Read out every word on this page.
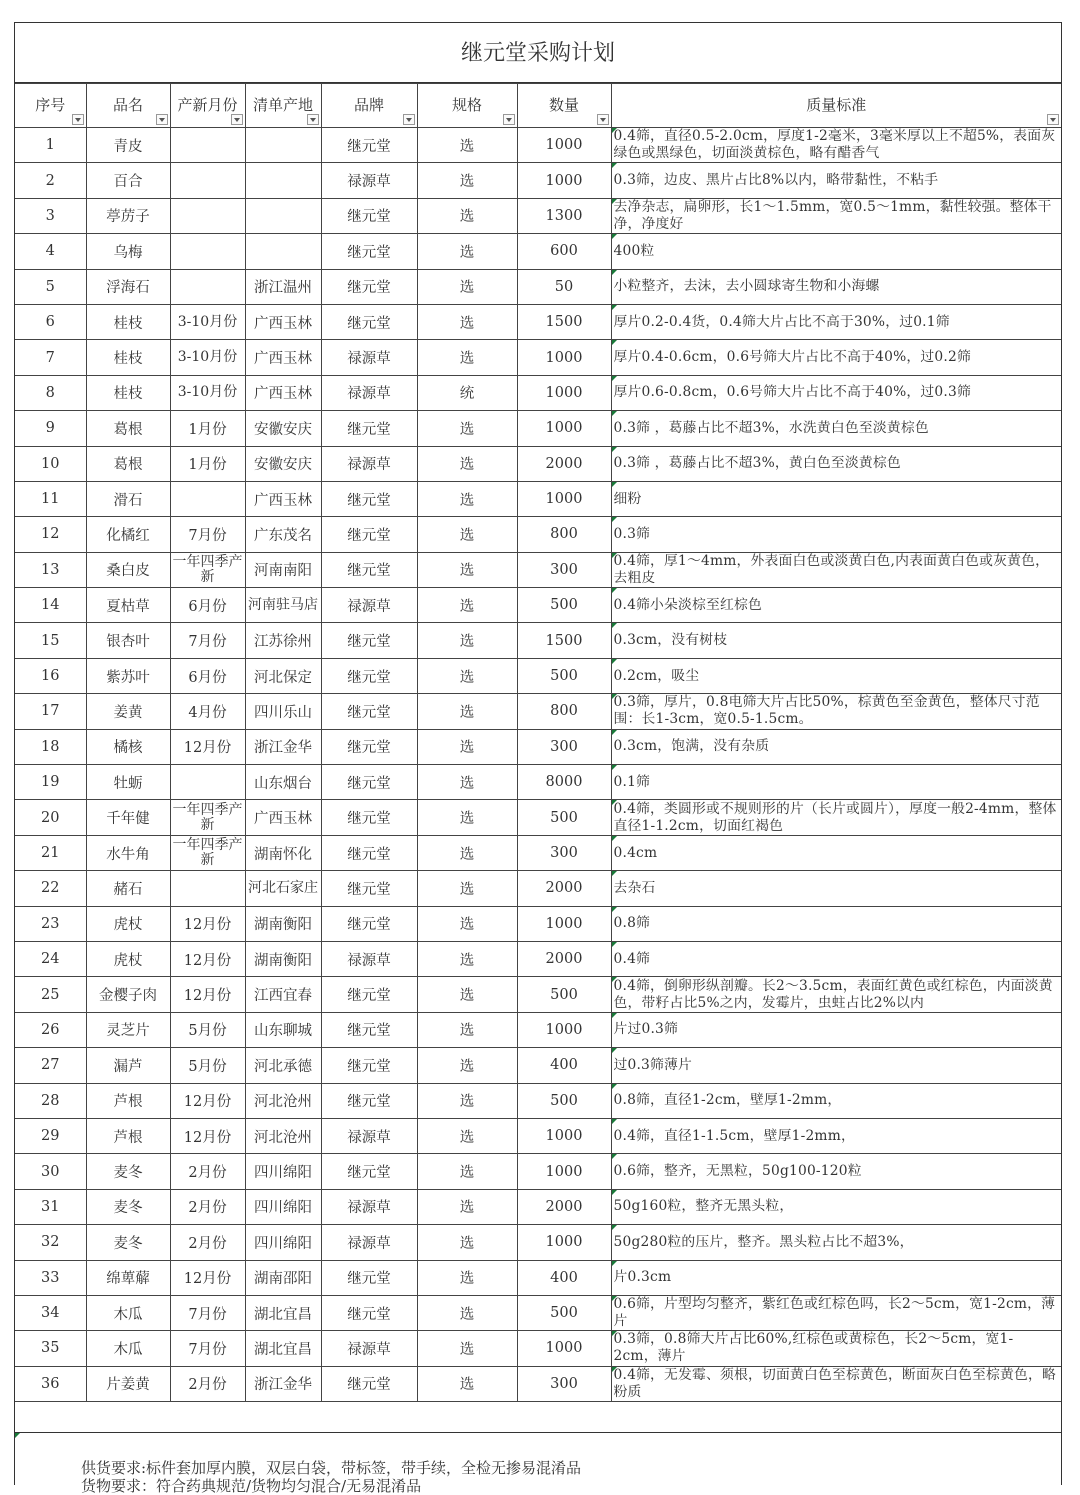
继元堂采购计划
序号	品名	产新月份	清单产地	品牌	规格	数量	质量标准

1	青皮			继元堂	选	1000	0.4筛，直径0.5-2.0cm，厚度1-2毫米，3毫米厚以上不超5%，表面灰绿色或黑绿色，切面淡黄棕色，略有醋香气
2	百合			禄源草	选	1000	0.3筛，边皮、黑片占比8%以内，略带黏性，不粘手
3	葶苈子			继元堂	选	1300	去净杂志，扁卵形，长1～1.5mm，宽0.5～1mm，黏性较强。整体干净，净度好
4	乌梅			继元堂	选	600	400粒
5	浮海石		浙江温州	继元堂	选	50	小粒整齐，去沫，去小圆球寄生物和小海螺
6	桂枝	3-10月份	广西玉林	继元堂	选	1500	厚片0.2-0.4货，0.4筛大片占比不高于30%，过0.1筛
7	桂枝	3-10月份	广西玉林	禄源草	选	1000	厚片0.4-0.6cm，0.6号筛大片占比不高于40%，过0.2筛
8	桂枝	3-10月份	广西玉林	禄源草	统	1000	厚片0.6-0.8cm，0.6号筛大片占比不高于40%，过0.3筛
9	葛根	1月份	安徽安庆	继元堂	选	1000	0.3筛 ，葛藤占比不超3%，水洗黄白色至淡黄棕色
10	葛根	1月份	安徽安庆	禄源草	选	2000	0.3筛 ，葛藤占比不超3%，黄白色至淡黄棕色
11	滑石		广西玉林	继元堂	选	1000	细粉
12	化橘红	7月份	广东茂名	继元堂	选	800	0.3筛
13	桑白皮	一年四季产新	河南南阳	继元堂	选	300	0.4筛，厚1～4mm，外表面白色或淡黄白色,内表面黄白色或灰黄色，去粗皮
14	夏枯草	6月份	河南驻马店	禄源草	选	500	0.4筛小朵淡棕至红棕色
15	银杏叶	7月份	江苏徐州	继元堂	选	1500	0.3cm，没有树枝
16	紫苏叶	6月份	河北保定	继元堂	选	500	0.2cm，吸尘
17	姜黄	4月份	四川乐山	继元堂	选	800	0.3筛，厚片，0.8电筛大片占比50%，棕黄色至金黄色，整体尺寸范围：长1-3cm，宽0.5-1.5cm。
18	橘核	12月份	浙江金华	继元堂	选	300	0.3cm，饱满，没有杂质
19	牡蛎		山东烟台	继元堂	选	8000	0.1筛
20	千年健	一年四季产新	广西玉林	继元堂	选	500	0.4筛，类圆形或不规则形的片（长片或圆片），厚度一般2-4mm，整体直径1-1.2cm，切面红褐色
21	水牛角	一年四季产新	湖南怀化	继元堂	选	300	0.4cm
22	赭石		河北石家庄	继元堂	选	2000	去杂石
23	虎杖	12月份	湖南衡阳	继元堂	选	1000	0.8筛
24	虎杖	12月份	湖南衡阳	禄源草	选	2000	0.4筛
25	金樱子肉	12月份	江西宜春	继元堂	选	500	0.4筛，倒卵形纵剖瓣。长2～3.5cm，表面红黄色或红棕色，内面淡黄色，带籽占比5%之内，发霉片，虫蛀占比2%以内
26	灵芝片	5月份	山东聊城	继元堂	选	1000	片过0.3筛
27	漏芦	5月份	河北承德	继元堂	选	400	过0.3筛薄片
28	芦根	12月份	河北沧州	继元堂	选	500	0.8筛，直径1-2cm，壁厚1-2mm，
29	芦根	12月份	河北沧州	禄源草	选	1000	0.4筛，直径1-1.5cm，壁厚1-2mm，
30	麦冬	2月份	四川绵阳	继元堂	选	1000	0.6筛，整齐，无黑粒，50g100-120粒
31	麦冬	2月份	四川绵阳	禄源草	选	2000	50g160粒，整齐无黑头粒，
32	麦冬	2月份	四川绵阳	禄源草	选	1000	50g280粒的压片，整齐。黑头粒占比不超3%，
33	绵萆薢	12月份	湖南邵阳	继元堂	选	400	片0.3cm
34	木瓜	7月份	湖北宜昌	继元堂	选	500	0.6筛，片型均匀整齐，紫红色或红棕色吗，长2～5cm，宽1-2cm，薄片
35	木瓜	7月份	湖北宜昌	禄源草	选	1000	0.3筛，0.8筛大片占比60%,红棕色或黄棕色，长2～5cm，宽1-2cm，薄片
36	片姜黄	2月份	浙江金华	继元堂	选	300	0.4筛，无发霉、须根，切面黄白色至棕黄色，断面灰白色至棕黄色，略粉质

供货要求:标件套加厚内膜，双层白袋，带标签，带手续，全检无掺易混淆品

货物要求：符合药典规范/货物均匀混合/无易混淆品
